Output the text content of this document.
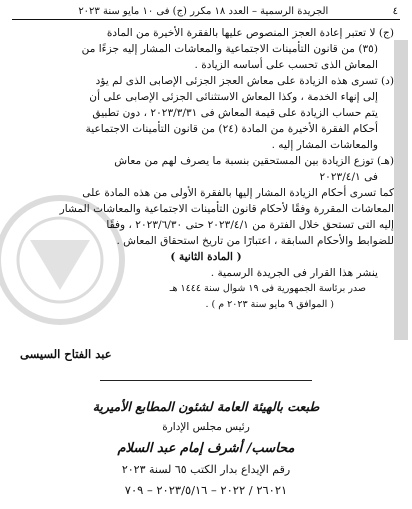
٤
الجريدة الرسمية – العدد ١٨ مكرر (ج) فى ١٠ مايو سنة ٢٠٢٣

(ج) لا تعتبر إعادة العجز المنصوص عليها بالفقرة الأخيرة من المادة

(٣٥) من قانون التأمينات الاجتماعية والمعاشات المشار إليه جزءًا من

المعاش الذى تحسب على أساسه الزيادة .

(د) تسرى هذه الزيادة على معاش العجز الجزئى الإصابى الذى لم يؤد

إلى إنهاء الخدمة ، وكذا المعاش الاستثنائى الجزئى الإصابى على أن

يتم حساب الزيادة على قيمة المعاش فى ٢٠٢٣/٣/٣١ ، دون تطبيق

أحكام الفقرة الأخيرة من المادة (٢٤) من قانون التأمينات الاجتماعية

والمعاشات المشار إليه .

(هـ) توزع الزيادة بين المستحقين بنسبة ما يصرف لهم من معاش

فى ٢٠٢٣/٤/١

كما تسرى أحكام الزيادة المشار إليها بالفقرة الأولى من هذه المادة على

المعاشات المقررة وفقًا لأحكام قانون التأمينات الاجتماعية والمعاشات المشار

إليه التى تستحق خلال الفترة من ٢٠٢٣/٤/١ حتى ٢٠٢٣/٦/٣٠ ، وفقًا

للضوابط والأحكام السابقة ، اعتبارًا من تاريخ استحقاق المعاش .

( المادة الثانية )

ينشر هذا القرار فى الجريدة الرسمية .

صدر برئاسة الجمهورية فى ١٩ شوال سنة ١٤٤٤ هـ

( الموافق ٩ مايو سنة ٢٠٢٣ م ) .

عبد الفتاح السيسى
طبعت بالهيئة العامة لشئون المطابع الأميرية
رئيس مجلس الإدارة
محاسب/ أشرف إمام عبد السلام
رقم الإيداع بدار الكتب ٦٥ لسنة ٢٠٢٣
٢٦٠٢١ / ٢٠٢٢ – ٢٠٢٣/٥/١٦ – ٧٠٩
